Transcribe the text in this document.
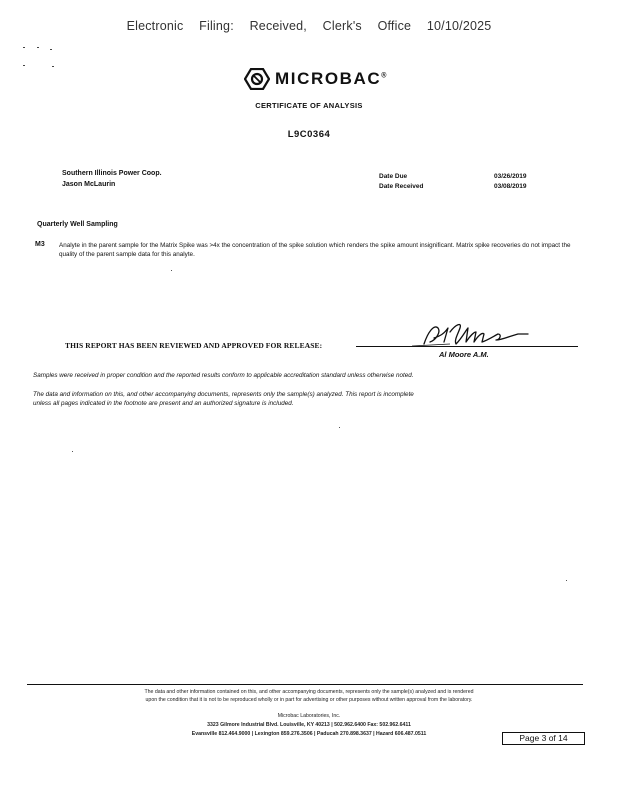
Electronic Filing: Received, Clerk's Office 10/10/2025
MICROBAC®
CERTIFICATE OF ANALYSIS
L9C0364
Southern Illinois Power Coop.
Jason McLaurin
Date Due	03/26/2019
Date Received	03/08/2019
Quarterly Well Sampling
M3 Analyte in the parent sample for the Matrix Spike was >4x the concentration of the spike solution which renders the spike amount insignificant. Matrix spike recoveries do not impact the quality of the parent sample data for this analyte.
THIS REPORT HAS BEEN REVIEWED AND APPROVED FOR RELEASE:
Al Moore A.M.
Samples were received in proper condition and the reported results conform to applicable accreditation standard unless otherwise noted.
The data and information on this, and other accompanying documents, represents only the sample(s) analyzed. This report is incomplete
unless all pages indicated in the footnote are present and an authorized signature is included.
The data and other information contained on this, and other accompanying documents, represents only the sample(s) analyzed and is rendered
upon the condition that it is not to be reproduced wholly or in part for advertising or other purposes without written approval from the laboratory.
Microbac Laboratories, Inc.
3323 Gilmore Industrial Blvd. Louisville, KY 40213 | 502.962.6400 Fax: 502.962.6411
Evansville 812.464.9000 | Lexington 859.276.3506 | Paducah 270.898.3637 | Hazard 606.487.0511	Page 3 of 14
